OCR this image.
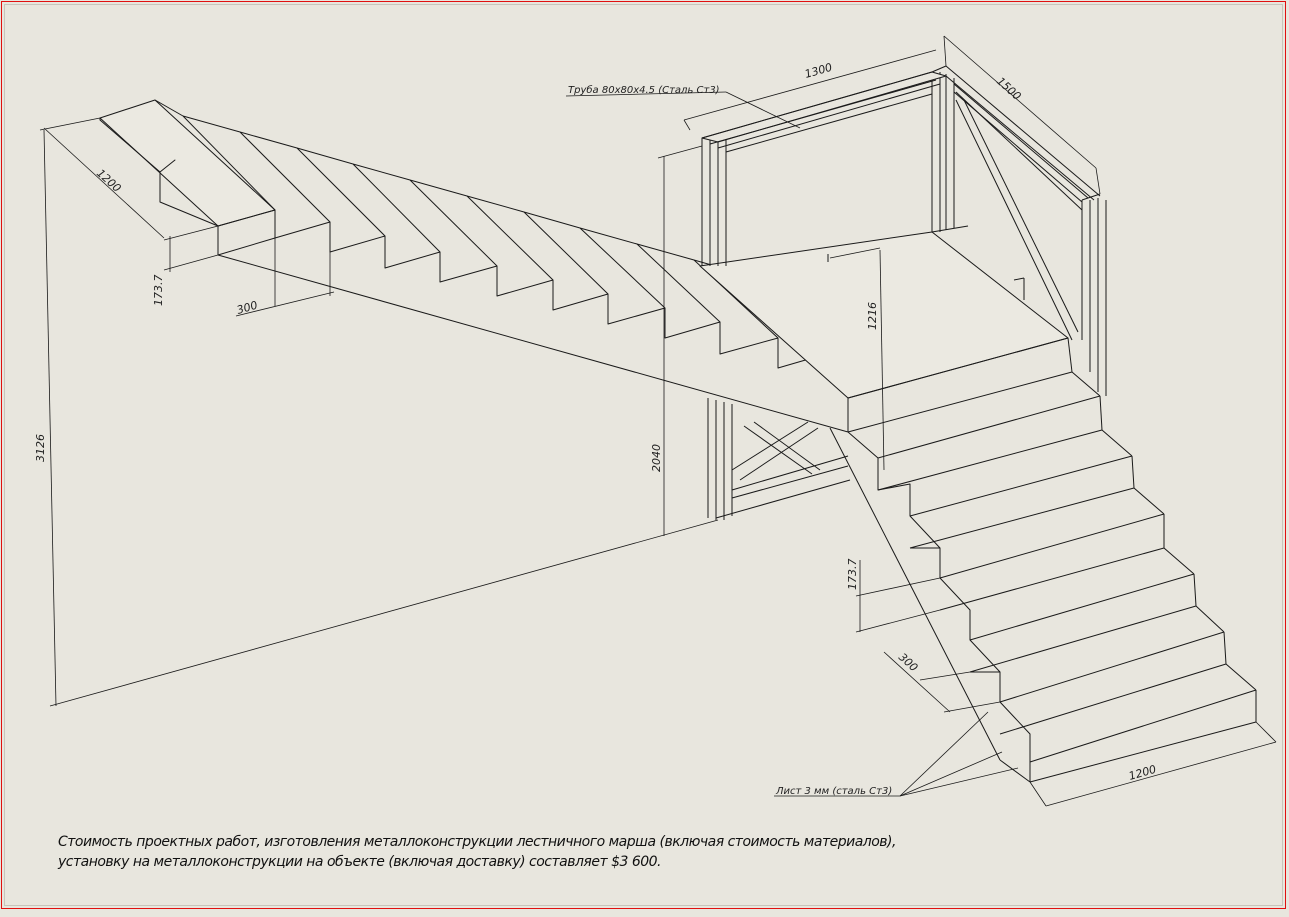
1300
1500
1200
173.7
300
3126	2040
1216
173.7
300
1200
Труба 80х80х4.5 (Сталь Ст3)
Лист 3 мм (сталь Ст3)
Стоимость проектных работ, изготовления металлоконструкции лестничного марша (включая стоимость материалов),
установку на металлоконструкции на объекте (включая доставку) составляет $3 600.
